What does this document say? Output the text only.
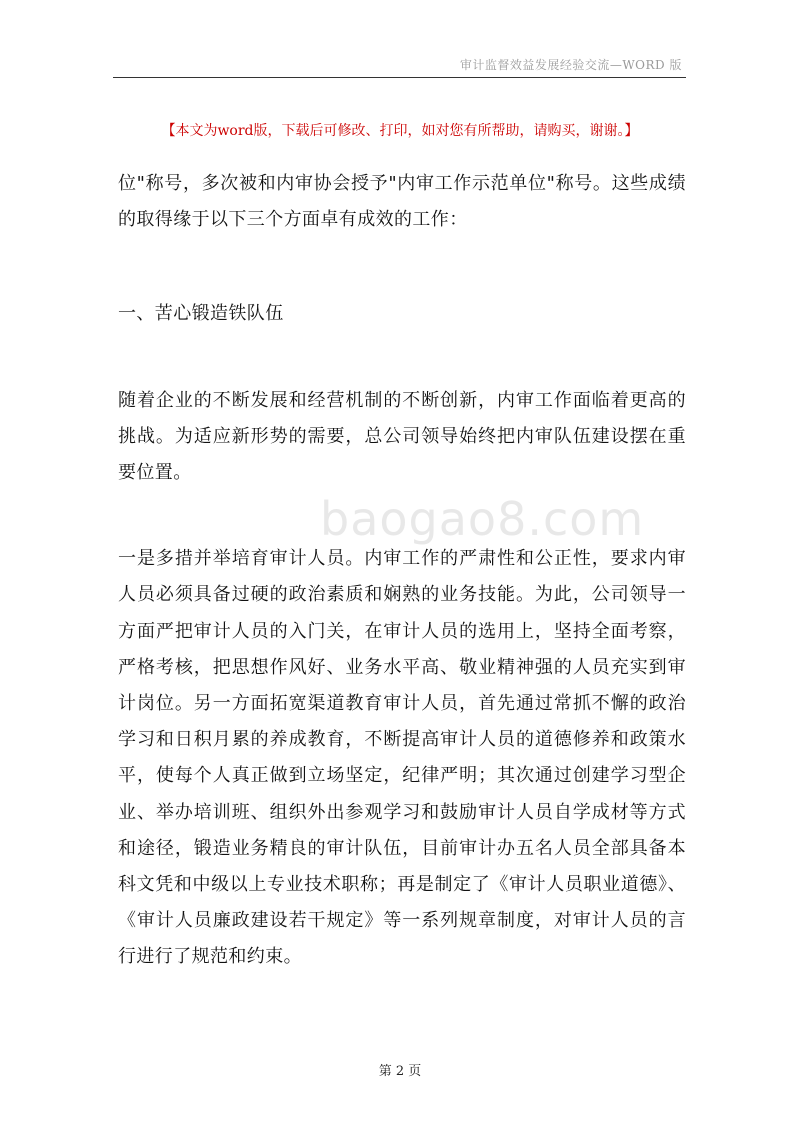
审计监督效益发展经验交流—WORD 版
【本文为word版，下载后可修改、打印，如对您有所帮助，请购买，谢谢。】

位"称号，多次被和内审协会授予"内审工作示范单位"称号。这些成绩的取得缘于以下三个方面卓有成效的工作：

一、苦心锻造铁队伍

随着企业的不断发展和经营机制的不断创新，内审工作面临着更高的挑战。为适应新形势的需要，总公司领导始终把内审队伍建设摆在重要位置。

一是多措并举培育审计人员。内审工作的严肃性和公正性，要求内审人员必须具备过硬的政治素质和娴熟的业务技能。为此，公司领导一方面严把审计人员的入门关，在审计人员的选用上，坚持全面考察，严格考核，把思想作风好、业务水平高、敬业精神强的人员充实到审计岗位。另一方面拓宽渠道教育审计人员，首先通过常抓不懈的政治学习和日积月累的养成教育，不断提高审计人员的道德修养和政策水平，使每个人真正做到立场坚定，纪律严明；其次通过创建学习型企业、举办培训班、组织外出参观学习和鼓励审计人员自学成材等方式和途径，锻造业务精良的审计队伍，目前审计办五名人员全部具备本科文凭和中级以上专业技术职称；再是制定了《审计人员职业道德》、《审计人员廉政建设若干规定》等一系列规章制度，对审计人员的言行进行了规范和约束。

baogao8.com
第 2 页
